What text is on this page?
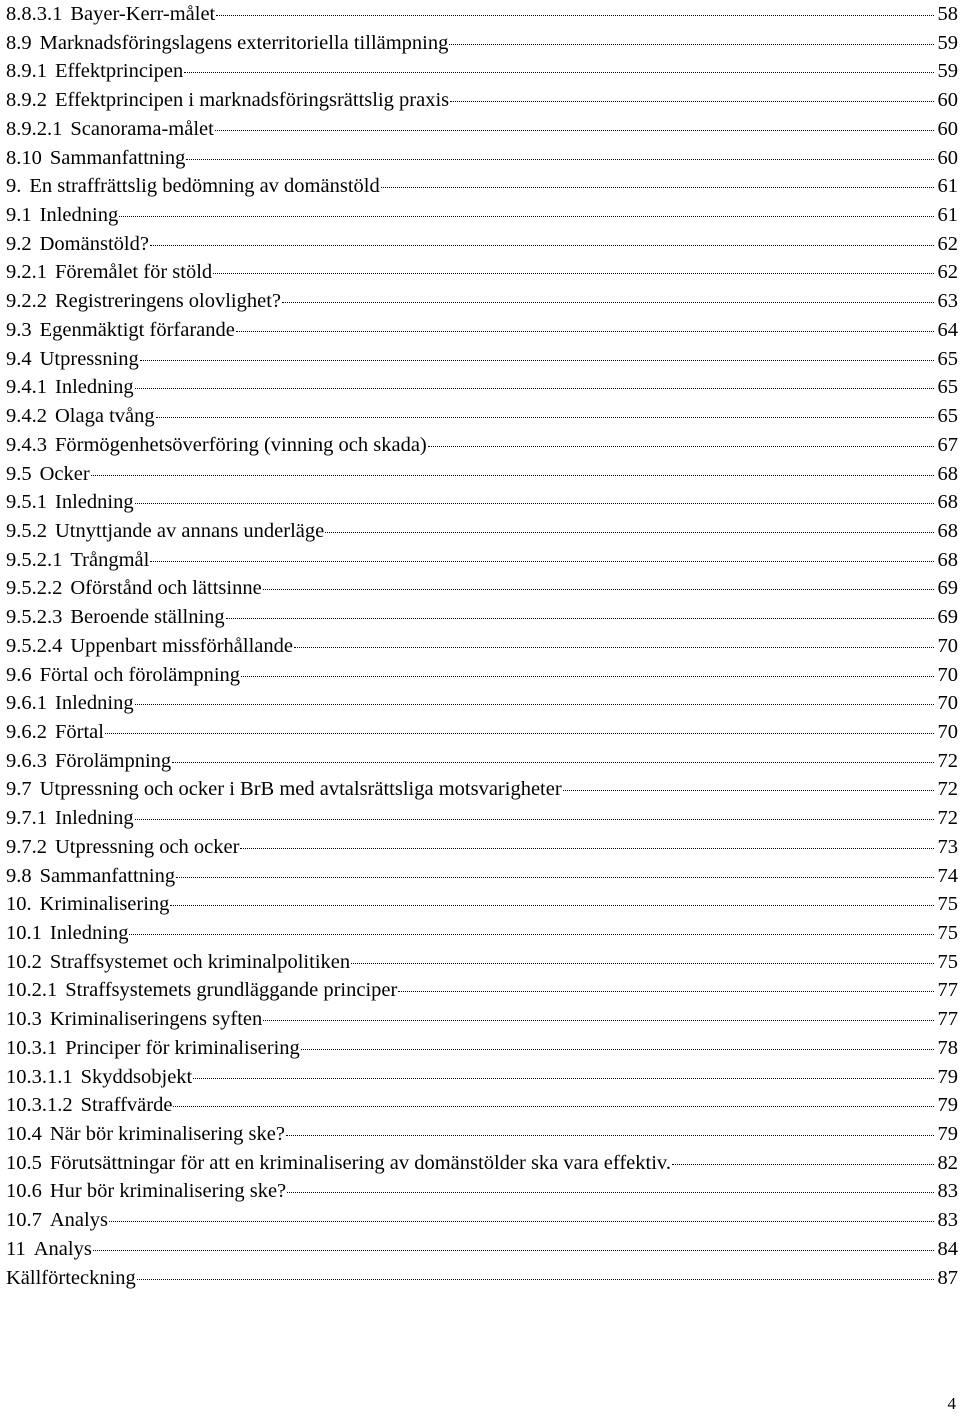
8.8.3.1 Bayer-Kerr-målet	58
8.9 Marknadsföringslagens exterritoriella tillämpning	59
8.9.1 Effektprincipen	59
8.9.2 Effektprincipen i marknadsföringsrättslig praxis	60
8.9.2.1 Scanorama-målet	60
8.10 Sammanfattning	60
9. En straffrättslig bedömning av domänstöld	61
9.1 Inledning	61
9.2 Domänstöld?	62
9.2.1 Föremålet för stöld	62
9.2.2 Registreringens olovlighet?	63
9.3 Egenmäktigt förfarande	64
9.4 Utpressning	65
9.4.1 Inledning	65
9.4.2 Olaga tvång	65
9.4.3 Förmögenhetsöverföring (vinning och skada)	67
9.5 Ocker	68
9.5.1 Inledning	68
9.5.2 Utnyttjande av annans underläge	68
9.5.2.1 Trångmål	68
9.5.2.2 Oförstånd och lättsinne	69
9.5.2.3 Beroende ställning	69
9.5.2.4 Uppenbart missförhållande	70
9.6 Förtal och förolämpning	70
9.6.1 Inledning	70
9.6.2 Förtal	70
9.6.3 Förolämpning	72
9.7 Utpressning och ocker i BrB med avtalsrättsliga motsvarigheter	72
9.7.1 Inledning	72
9.7.2 Utpressning och ocker	73
9.8 Sammanfattning	74
10. Kriminalisering	75
10.1 Inledning	75
10.2 Straffsystemet och kriminalpolitiken	75
10.2.1 Straffsystemets grundläggande principer	77
10.3 Kriminaliseringens syften	77
10.3.1 Principer för kriminalisering	78
10.3.1.1 Skyddsobjekt	79
10.3.1.2 Straffvärde	79
10.4 När bör kriminalisering ske?	79
10.5 Förutsättningar för att en kriminalisering av domänstölder ska vara effektiv.	82
10.6 Hur bör kriminalisering ske?	83
10.7 Analys	83
11 Analys	84
Källförteckning	87
4
